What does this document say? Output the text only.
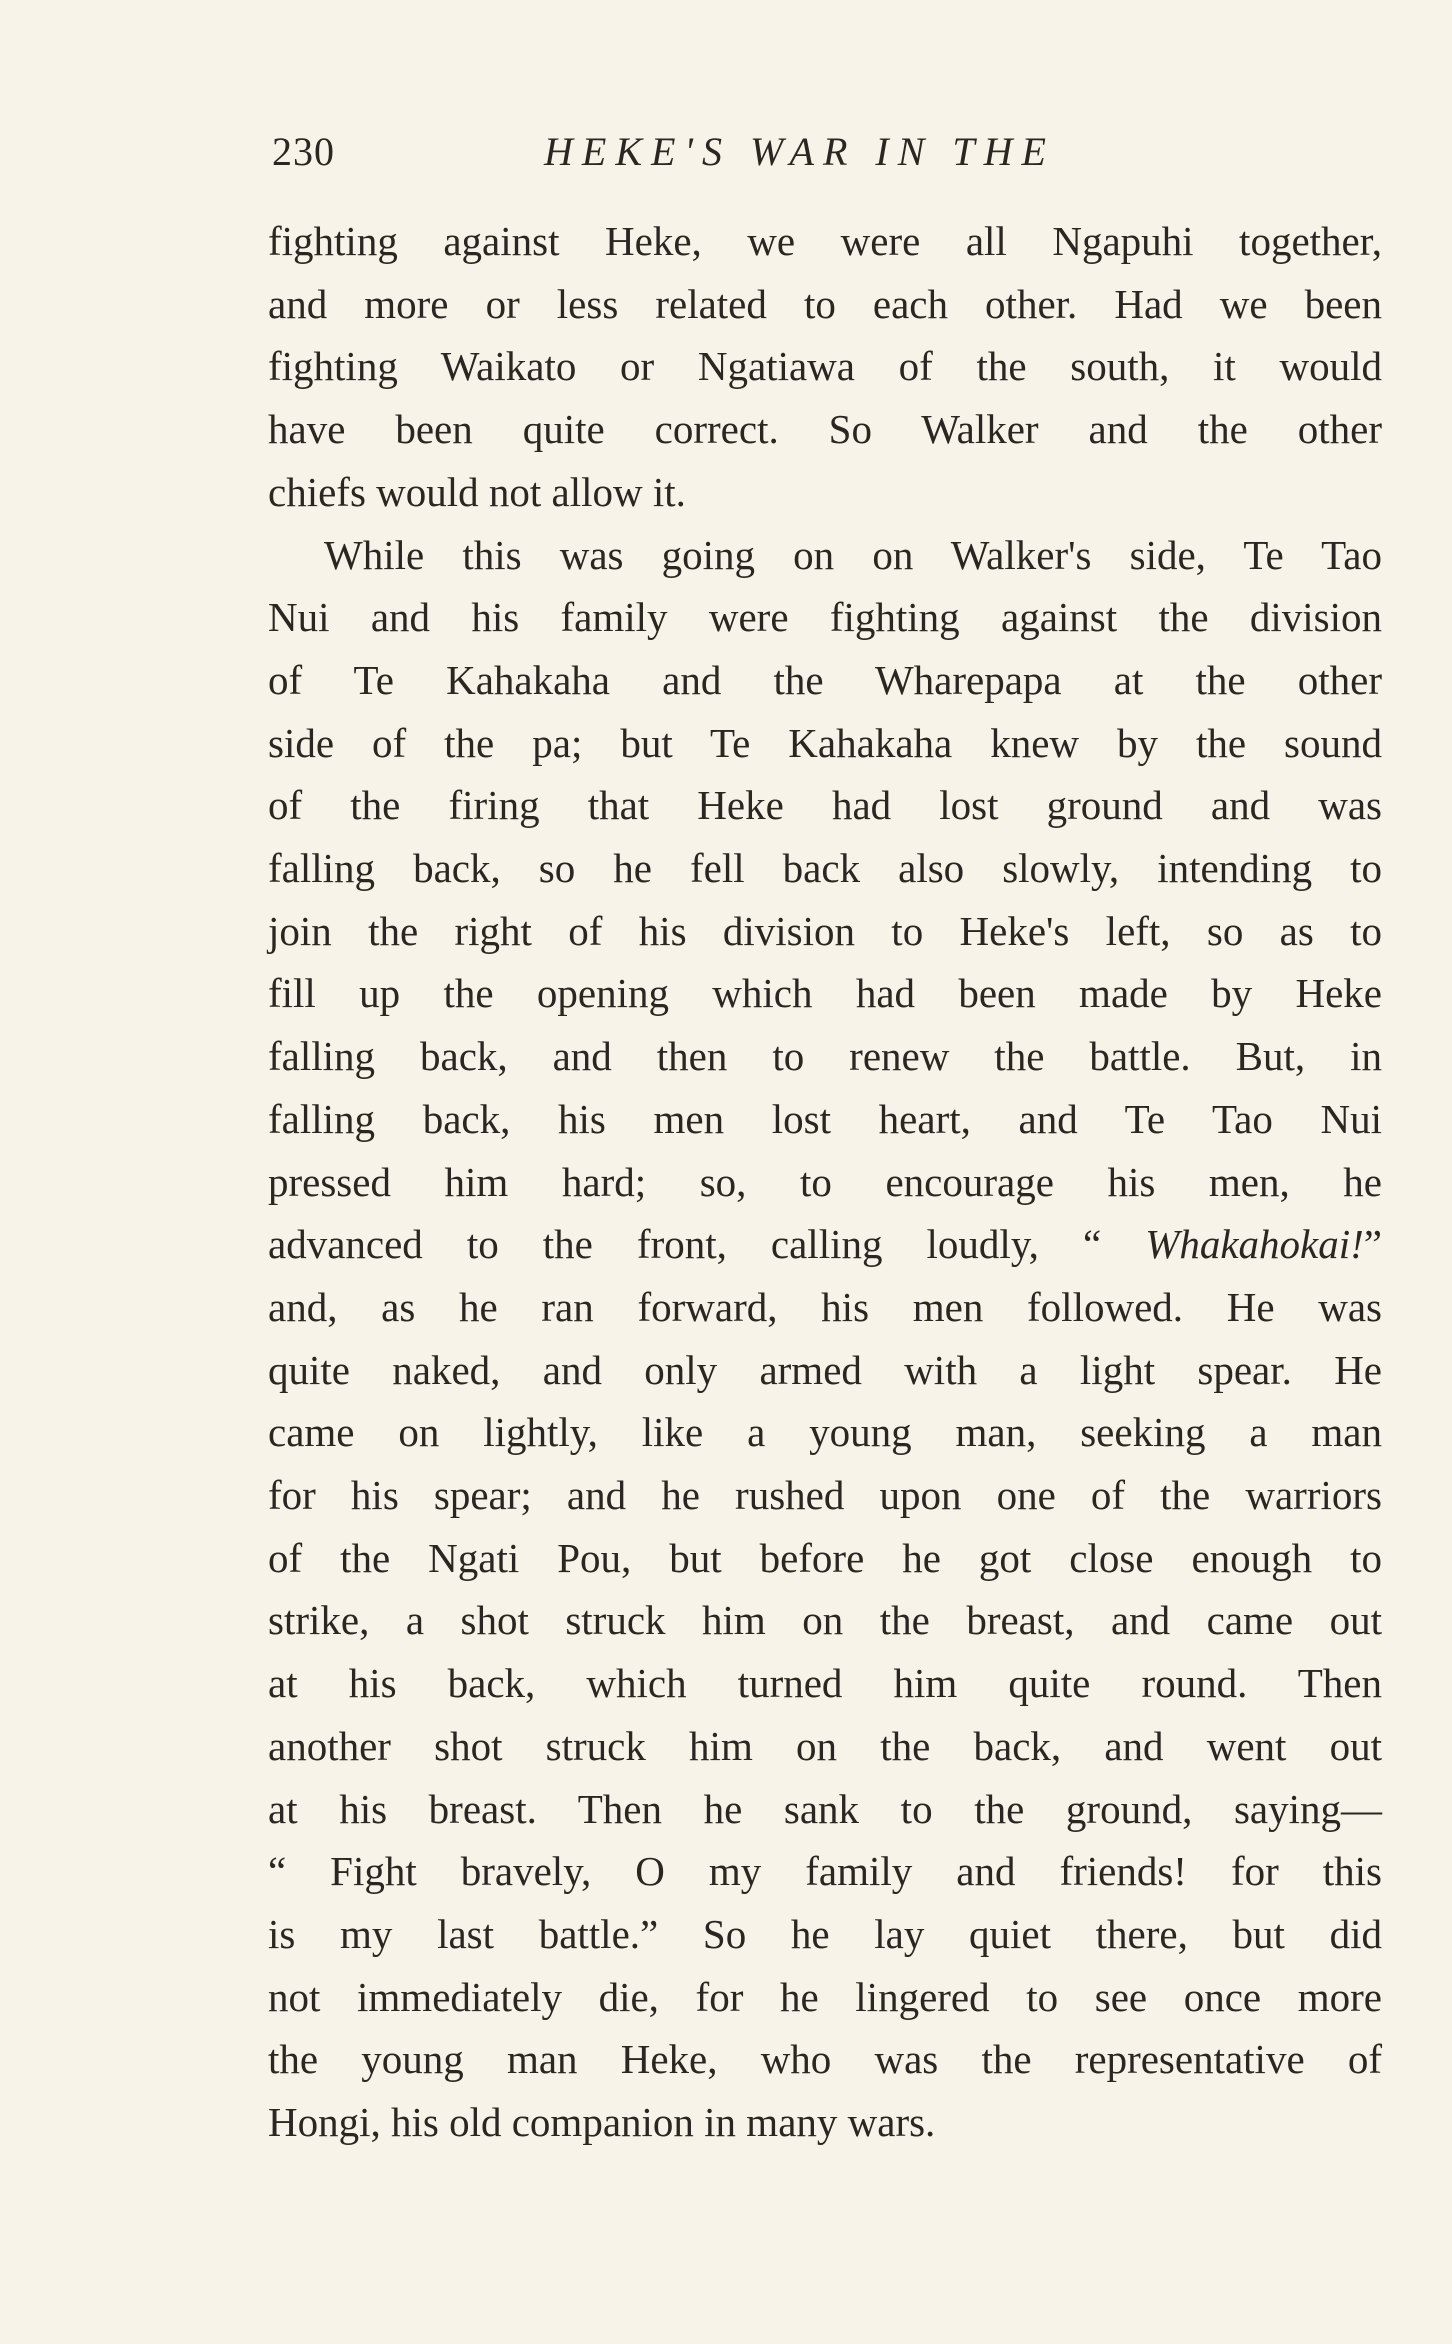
230	HEKE'S WAR IN THE
fighting against Heke, we were all Ngapuhi together,
and more or less related to each other. Had we been
fighting Waikato or Ngatiawa of the south, it would
have been quite correct. So Walker and the other
chiefs would not allow it.
While this was going on on Walker's side, Te Tao
Nui and his family were fighting against the division
of Te Kahakaha and the Wharepapa at the other
side of the pa; but Te Kahakaha knew by the sound
of the firing that Heke had lost ground and was
falling back, so he fell back also slowly, intending to
join the right of his division to Heke's left, so as to
fill up the opening which had been made by Heke
falling back, and then to renew the battle. But, in
falling back, his men lost heart, and Te Tao Nui
pressed him hard; so, to encourage his men, he
advanced to the front, calling loudly, “ Whakahokai!”
and, as he ran forward, his men followed. He was
quite naked, and only armed with a light spear. He
came on lightly, like a young man, seeking a man
for his spear; and he rushed upon one of the warriors
of the Ngati Pou, but before he got close enough to
strike, a shot struck him on the breast, and came out
at his back, which turned him quite round. Then
another shot struck him on the back, and went out
at his breast. Then he sank to the ground, saying—
“ Fight bravely, O my family and friends! for this
is my last battle.” So he lay quiet there, but did
not immediately die, for he lingered to see once more
the young man Heke, who was the representative of
Hongi, his old companion in many wars.
